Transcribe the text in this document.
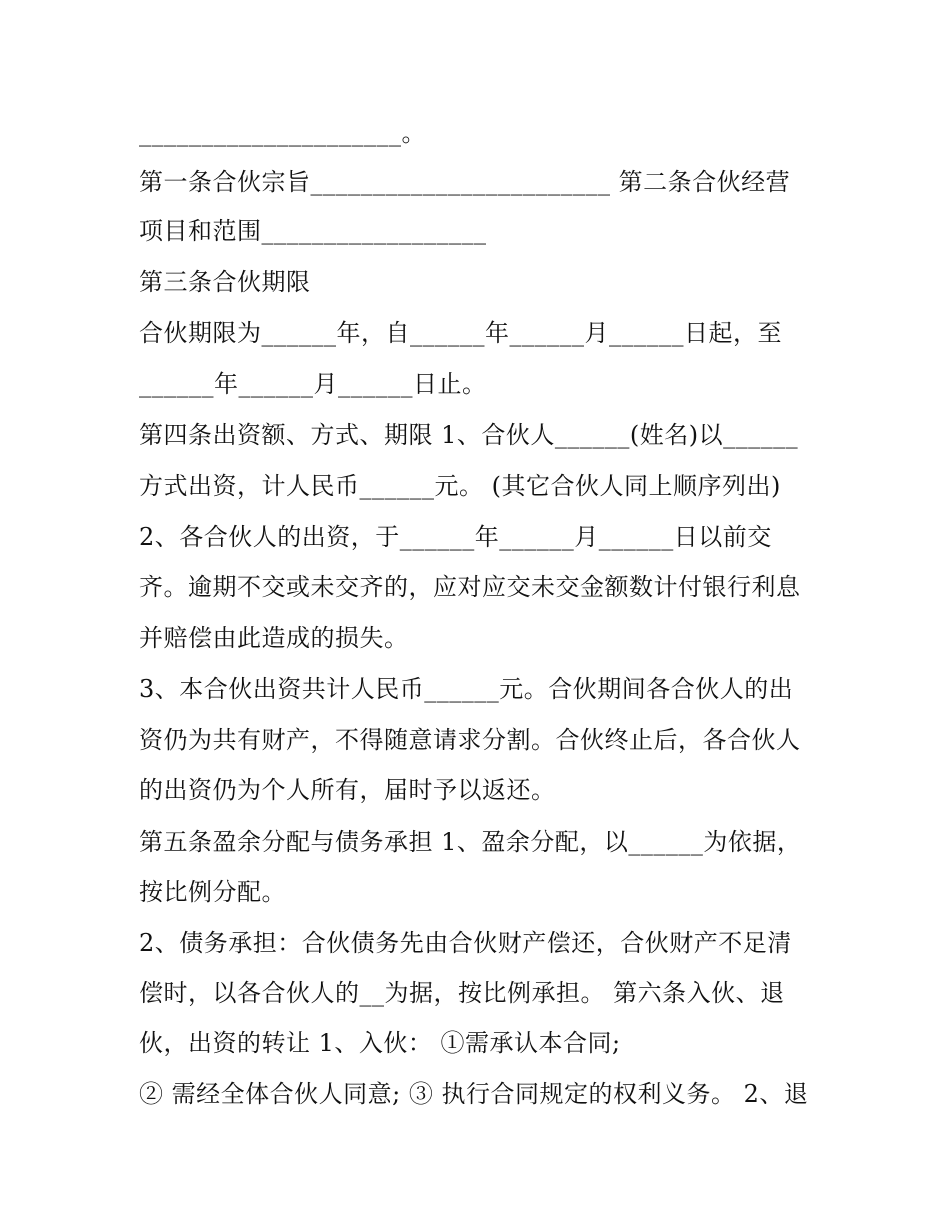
_____________________。
第一条合伙宗旨________________________ 第二条合伙经营
项目和范围__________________
第三条合伙期限
合伙期限为______年，自______年______月______日起，至
______年______月______日止。
第四条出资额、方式、期限 1、合伙人______(姓名)以______
方式出资，计人民币______元。 (其它合伙人同上顺序列出)
2、各合伙人的出资，于______年______月______日以前交
齐。逾期不交或未交齐的，应对应交未交金额数计付银行利息
并赔偿由此造成的损失。
3、本合伙出资共计人民币______元。合伙期间各合伙人的出
资仍为共有财产，不得随意请求分割。合伙终止后，各合伙人
的出资仍为个人所有，届时予以返还。
第五条盈余分配与债务承担 1、盈余分配，以______为依据，
按比例分配。
2、债务承担：合伙债务先由合伙财产偿还，合伙财产不足清
偿时，以各合伙人的__为据，按比例承担。 第六条入伙、退
伙，出资的转让 1、入伙： ①需承认本合同;
② 需经全体合伙人同意; ③ 执行合同规定的权利义务。 2、退
